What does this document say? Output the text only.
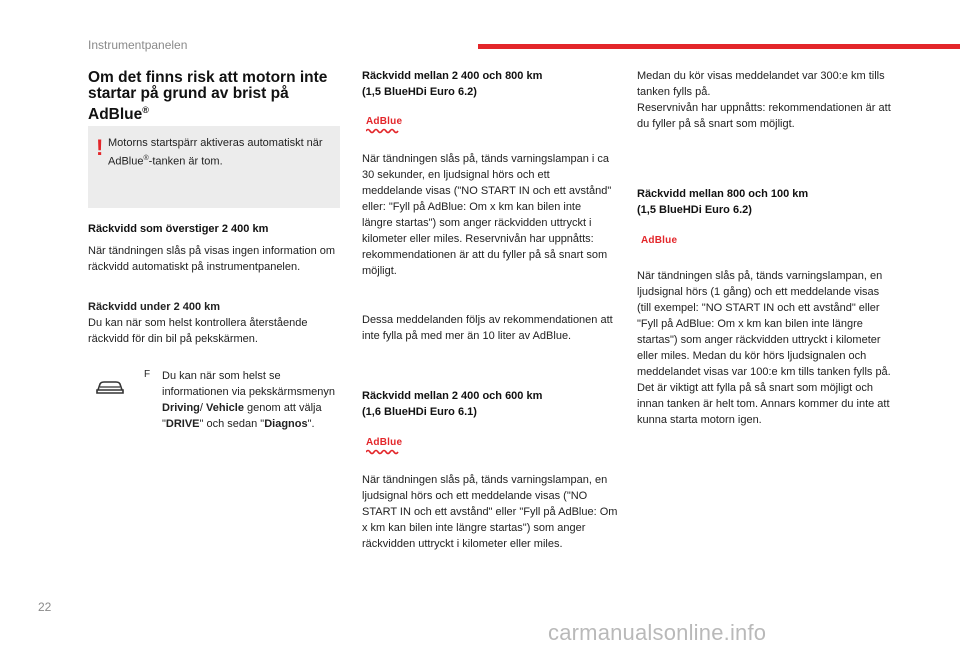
Instrumentpanelen
Om det finns risk att motorn inte startar på grund av brist på AdBlue®
! Motorns startspärr aktiveras automatiskt när AdBlue®-tanken är tom.
Räckvidd som överstiger 2 400 km
När tändningen slås på visas ingen information om räckvidd automatiskt på instrumentpanelen.
Räckvidd under 2 400 km
Du kan när som helst kontrollera återstående räckvidd för din bil på pekskärmen.
F Du kan när som helst se informationen via pekskärmsmenyn Driving/ Vehicle genom att välja "DRIVE" och sedan "Diagnos".
Räckvidd mellan 2 400 och 800 km
(1,5 BlueHDi Euro 6.2)
AdBlue
När tändningen slås på, tänds varningslampan i ca 30 sekunder, en ljudsignal hörs och ett meddelande visas ("NO START IN och ett avstånd" eller: "Fyll på AdBlue: Om x km kan bilen inte längre startas") som anger räckvidden uttryckt i kilometer eller miles. Reservnivån har uppnåtts: rekommendationen är att du fyller på så snart som möjligt.
Dessa meddelanden följs av rekommendationen att inte fylla på med mer än 10 liter av AdBlue.
Räckvidd mellan 2 400 och 600 km
(1,6 BlueHDi Euro 6.1)
AdBlue
När tändningen slås på, tänds varningslampan, en ljudsignal hörs och ett meddelande visas ("NO START IN och ett avstånd" eller "Fyll på AdBlue: Om x km kan bilen inte längre startas") som anger räckvidden uttryckt i kilometer eller miles.
Medan du kör visas meddelandet var 300:e km tills tanken fylls på.
Reservnivån har uppnåtts: rekommendationen är att du fyller på så snart som möjligt.
Räckvidd mellan 800 och 100 km
(1,5 BlueHDi Euro 6.2)
AdBlue
När tändningen slås på, tänds varningslampan, en ljudsignal hörs (1 gång) och ett meddelande visas (till exempel: "NO START IN och ett avstånd" eller "Fyll på AdBlue: Om x km kan bilen inte längre startas") som anger räckvidden uttryckt i kilometer eller miles. Medan du kör hörs ljudsignalen och meddelandet visas var 100:e km tills tanken fylls på.
Det är viktigt att fylla på så snart som möjligt och innan tanken är helt tom. Annars kommer du inte att kunna starta motorn igen.
22
carmanualsonline.info
